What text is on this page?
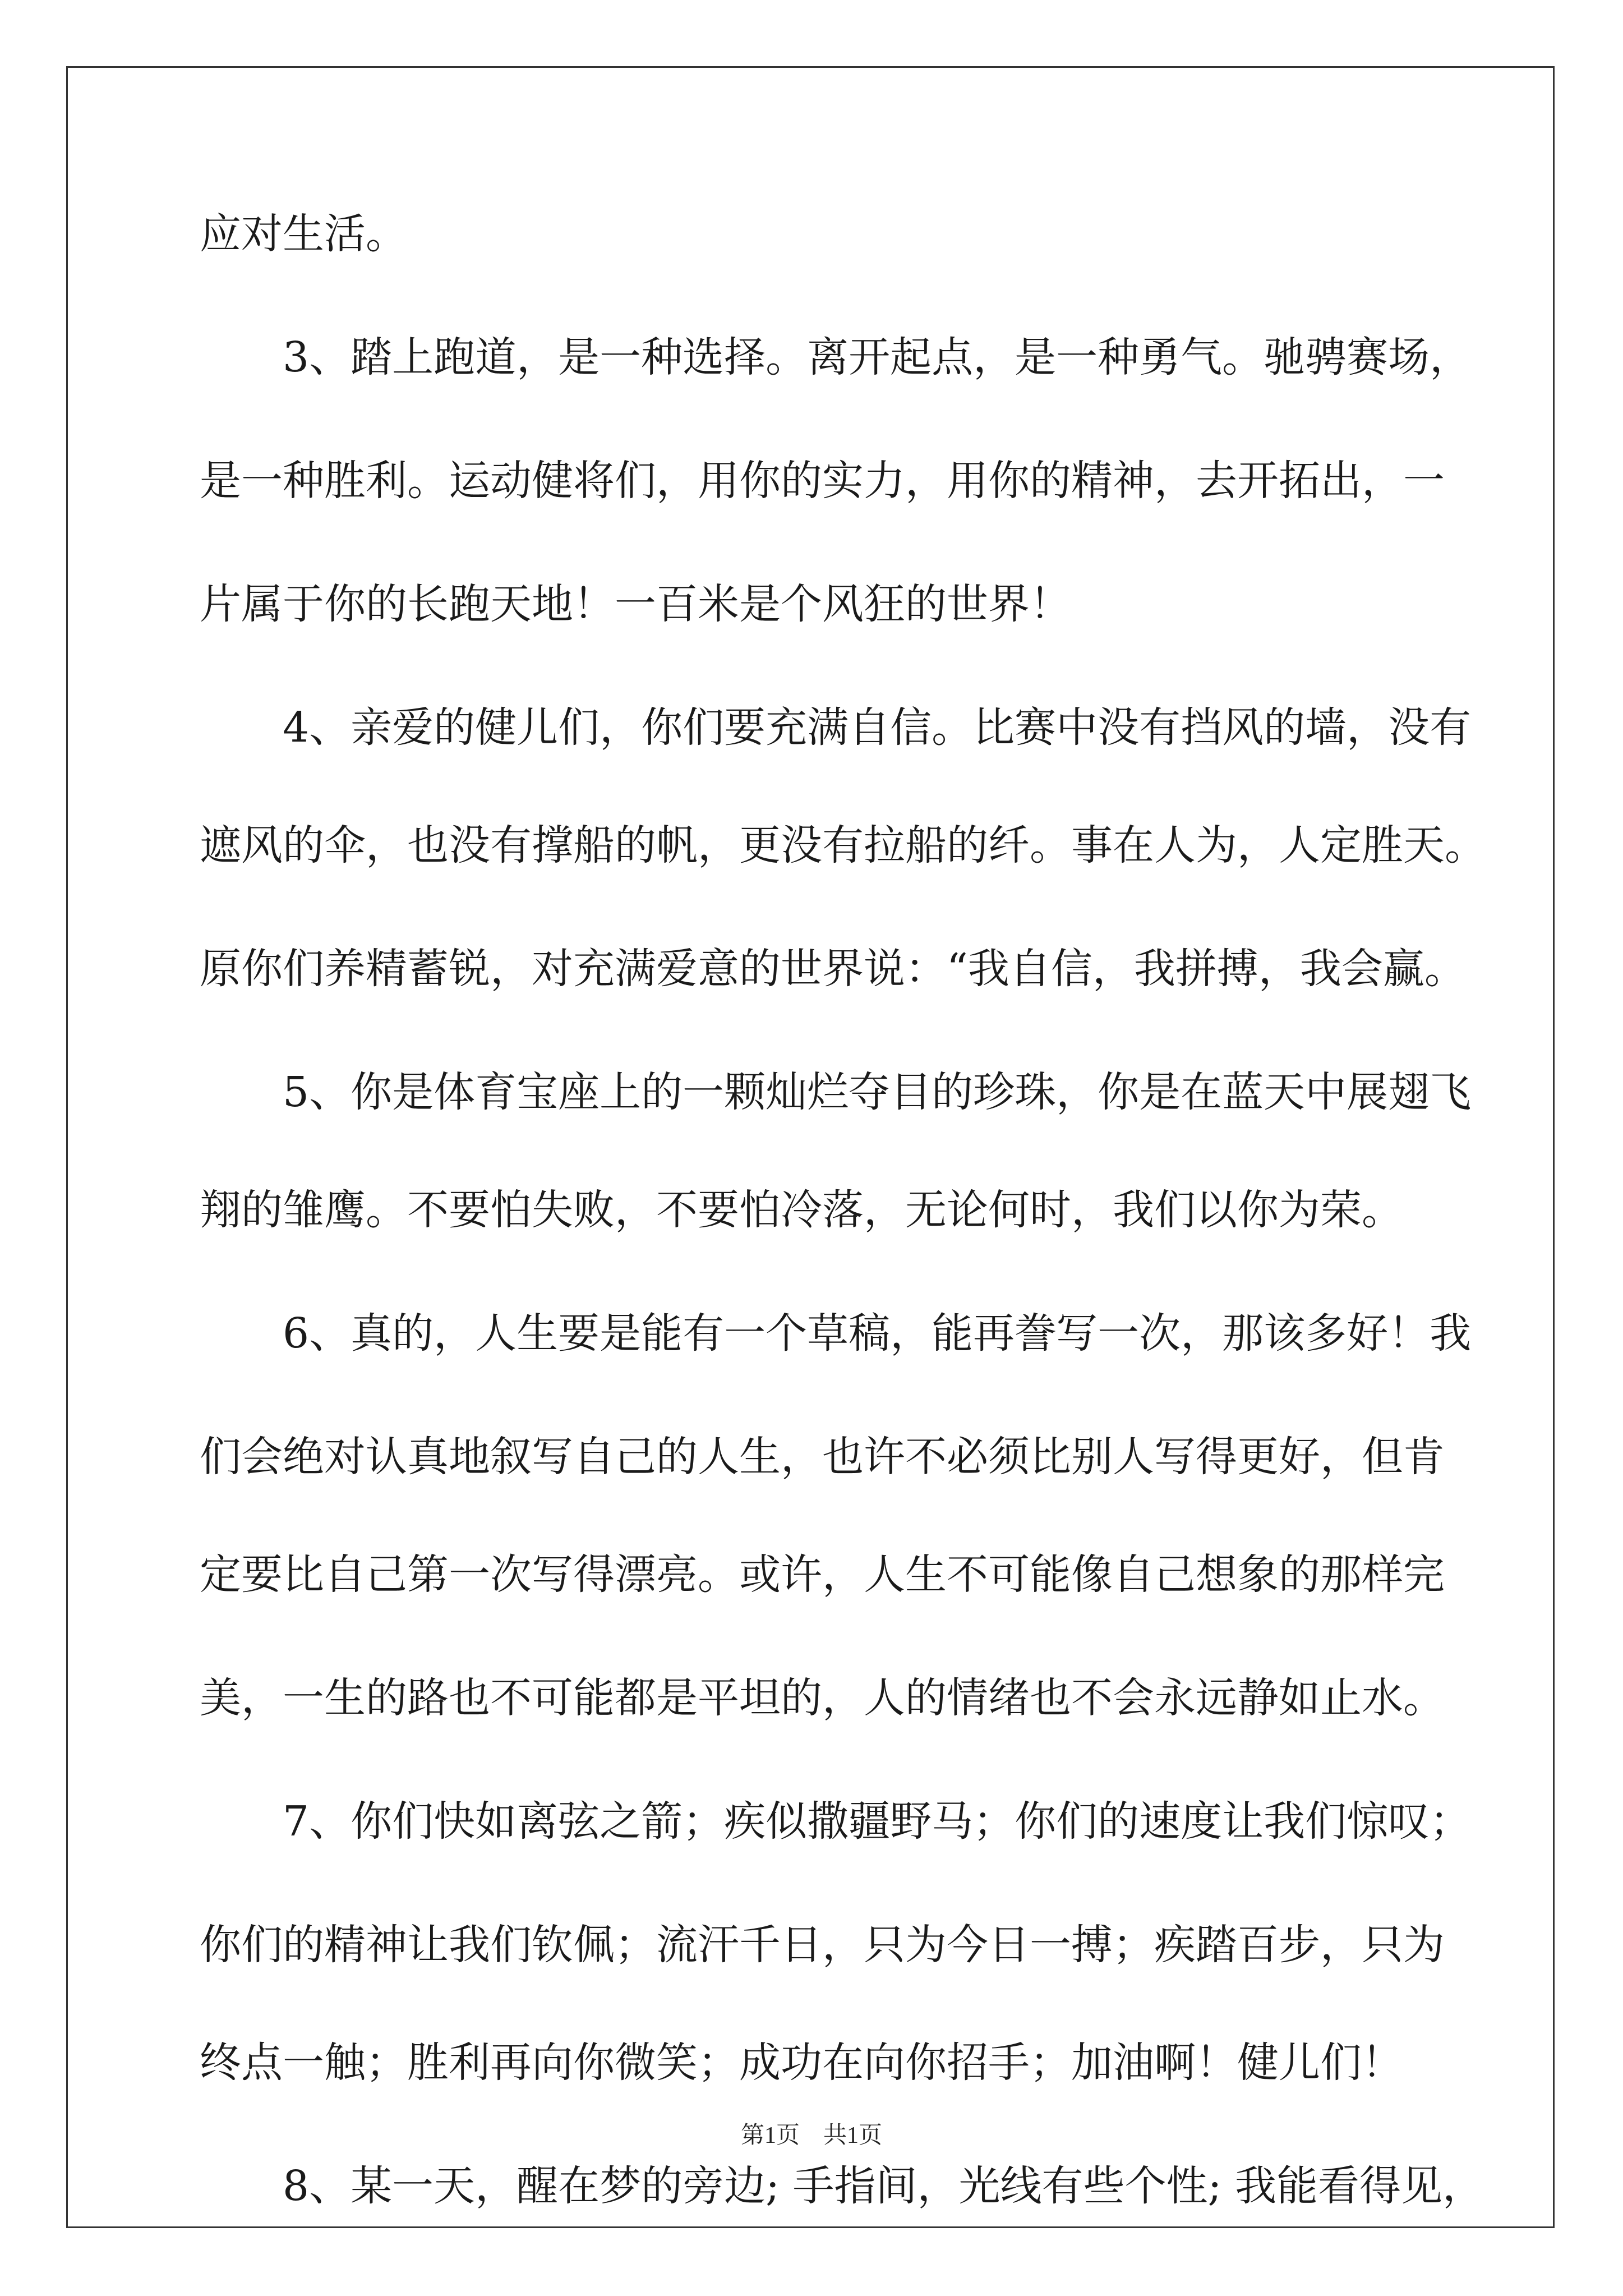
应对生活。
　　3、踏上跑道，是一种选择。离开起点，是一种勇气。驰骋赛场，
是一种胜利。运动健将们，用你的实力，用你的精神，去开拓出，一
片属于你的长跑天地！一百米是个风狂的世界！
　　4、亲爱的健儿们，你们要充满自信。比赛中没有挡风的墙，没有
遮风的伞，也没有撑船的帆，更没有拉船的纤。事在人为，人定胜天。
原你们养精蓄锐，对充满爱意的世界说：“我自信，我拼搏，我会赢。
　　5、你是体育宝座上的一颗灿烂夺目的珍珠，你是在蓝天中展翅飞
翔的雏鹰。不要怕失败，不要怕冷落，无论何时，我们以你为荣。
　　6、真的，人生要是能有一个草稿，能再誊写一次，那该多好！我
们会绝对认真地叙写自己的人生，也许不必须比别人写得更好，但肯
定要比自己第一次写得漂亮。或许，人生不可能像自己想象的那样完
美，一生的路也不可能都是平坦的，人的情绪也不会永远静如止水。
　　7、你们快如离弦之箭；疾似撒疆野马；你们的速度让我们惊叹；
你们的精神让我们钦佩；流汗千日，只为今日一搏；疾踏百步，只为
终点一触；胜利再向你微笑；成功在向你招手；加油啊！健儿们！
　　8、某一天，醒在梦的旁边; 手指间，光线有些个性; 我能看得见，
第1页　共1页
